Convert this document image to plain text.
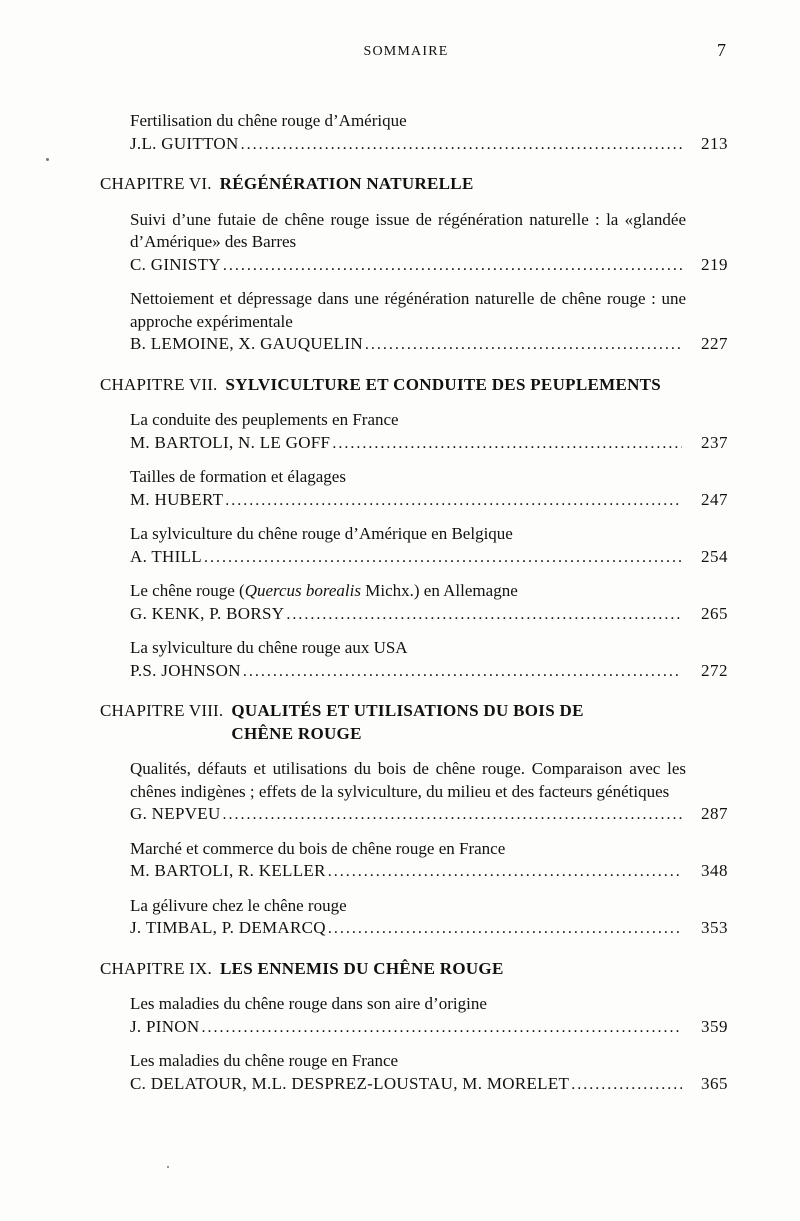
SOMMAIRE	7
Fertilisation du chêne rouge d’Amérique
J.L. GUITTON .....	213
CHAPITRE VI. RÉGÉNÉRATION NATURELLE
Suivi d’une futaie de chêne rouge issue de régénération naturelle : la «glandée d’Amérique» des Barres
C. GINISTY .....	219
Nettoiement et dépressage dans une régénération naturelle de chêne rouge : une approche expérimentale
B. LEMOINE, X. GAUQUELIN .....	227
CHAPITRE VII. SYLVICULTURE ET CONDUITE DES PEUPLEMENTS
La conduite des peuplements en France
M. BARTOLI, N. LE GOFF .....	237
Tailles de formation et élagages
M. HUBERT .....	247
La sylviculture du chêne rouge d’Amérique en Belgique
A. THILL .....	254
Le chêne rouge (Quercus borealis Michx.) en Allemagne
G. KENK, P. BORSY .....	265
La sylviculture du chêne rouge aux USA
P.S. JOHNSON .....	272
CHAPITRE VIII. QUALITÉS ET UTILISATIONS DU BOIS DE
CHÊNE ROUGE
Qualités, défauts et utilisations du bois de chêne rouge. Comparaison avec les chênes indigènes ; effets de la sylviculture, du milieu et des facteurs génétiques
G. NEPVEU .....	287
Marché et commerce du bois de chêne rouge en France
M. BARTOLI, R. KELLER .....	348
La gélivure chez le chêne rouge
J. TIMBAL, P. DEMARCQ .....	353
CHAPITRE IX. LES ENNEMIS DU CHÊNE ROUGE
Les maladies du chêne rouge dans son aire d’origine
J. PINON .....	359
Les maladies du chêne rouge en France
C. DELATOUR, M.L. DESPREZ-LOUSTAU, M. MORELET .....	365
